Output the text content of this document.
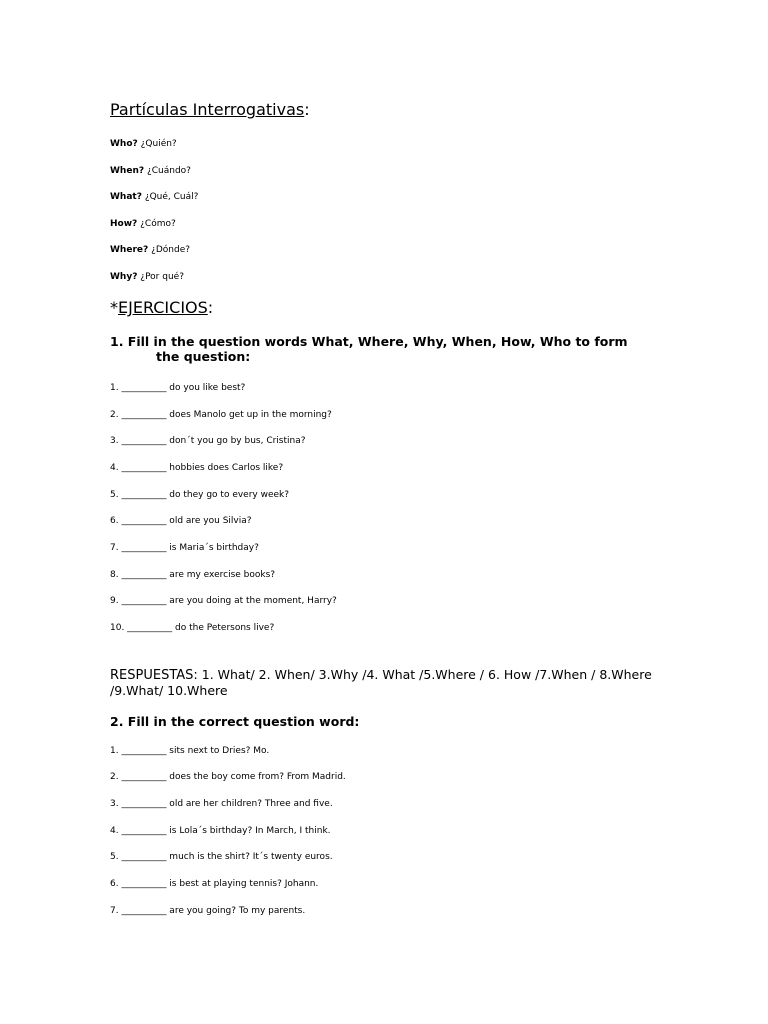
Partículas Interrogativas:
Who? ¿Quién?
When? ¿Cuándo?
What? ¿Qué, Cuál?
How? ¿Cómo?
Where? ¿Dónde?
Why? ¿Por qué?
*EJERCICIOS:
1. Fill in the question words What, Where, Why, When, How, Who to form
the question:
1. __________ do you like best?
2. __________ does Manolo get up in the morning?
3. __________ don´t you go by bus, Cristina?
4. __________ hobbies does Carlos like?
5. __________ do they go to every week?
6. __________ old are you Silvia?
7. __________ is Maria´s birthday?
8. __________ are my exercise books?
9. __________ are you doing at the moment, Harry?
10. __________ do the Petersons live?
RESPUESTAS: 1. What/ 2. When/ 3.Why /4. What /5.Where / 6. How /7.When / 8.Where /9.What/ 10.Where
2. Fill in the correct question word:
1. __________ sits next to Dries? Mo.
2. __________ does the boy come from? From Madrid.
3. __________ old are her children? Three and five.
4. __________ is Lola´s birthday? In March, I think.
5. __________ much is the shirt? It´s twenty euros.
6. __________ is best at playing tennis? Johann.
7. __________ are you going? To my parents.
